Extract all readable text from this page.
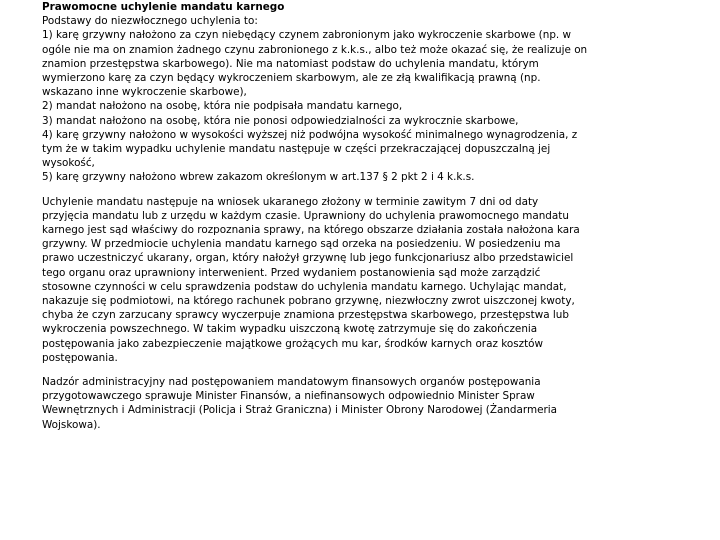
Prawomocne uchylenie mandatu karnego
Podstawy do niezwłocznego uchylenia to:
1) karę grzywny nałożono za czyn niebędący czynem zabronionym jako wykroczenie skarbowe (np. w
ogóle nie ma on znamion żadnego czynu zabronionego z k.k.s., albo też może okazać się, że realizuje on
znamion przestępstwa skarbowego). Nie ma natomiast podstaw do uchylenia mandatu, którym
wymierzono karę za czyn będący wykroczeniem skarbowym, ale ze złą kwalifikacją prawną (np.
wskazano inne wykroczenie skarbowe),
2) mandat nałożono na osobę, która nie podpisała mandatu karnego,
3) mandat nałożono na osobę, która nie ponosi odpowiedzialności za wykrocznie skarbowe,
4) karę grzywny nałożono w wysokości wyższej niż podwójna wysokość minimalnego wynagrodzenia, z
tym że w takim wypadku uchylenie mandatu następuje w części przekraczającej dopuszczalną jej
wysokość,
5) karę grzywny nałożono wbrew zakazom określonym w art.137 § 2 pkt 2 i 4 k.k.s.
Uchylenie mandatu następuje na wniosek ukaranego złożony w terminie zawitym 7 dni od daty
przyjęcia mandatu lub z urzędu w każdym czasie. Uprawniony do uchylenia prawomocnego mandatu
karnego jest sąd właściwy do rozpoznania sprawy, na którego obszarze działania została nałożona kara
grzywny. W przedmiocie uchylenia mandatu karnego sąd orzeka na posiedzeniu. W posiedzeniu ma
prawo uczestniczyć ukarany, organ, który nałożył grzywnę lub jego funkcjonariusz albo przedstawiciel
tego organu oraz uprawniony interwenient. Przed wydaniem postanowienia sąd może zarządzić
stosowne czynności w celu sprawdzenia podstaw do uchylenia mandatu karnego. Uchylając mandat,
nakazuje się podmiotowi, na którego rachunek pobrano grzywnę, niezwłoczny zwrot uiszczonej kwoty,
chyba że czyn zarzucany sprawcy wyczerpuje znamiona przestępstwa skarbowego, przestępstwa lub
wykroczenia powszechnego. W takim wypadku uiszczoną kwotę zatrzymuje się do zakończenia
postępowania jako zabezpieczenie majątkowe grożących mu kar, środków karnych oraz kosztów
postępowania.
Nadzór administracyjny nad postępowaniem mandatowym finansowych organów postępowania
przygotowawczego sprawuje Minister Finansów, a niefinansowych odpowiednio Minister Spraw
Wewnętrznych i Administracji (Policja i Straż Graniczna) i Minister Obrony Narodowej (Żandarmeria
Wojskowa).
